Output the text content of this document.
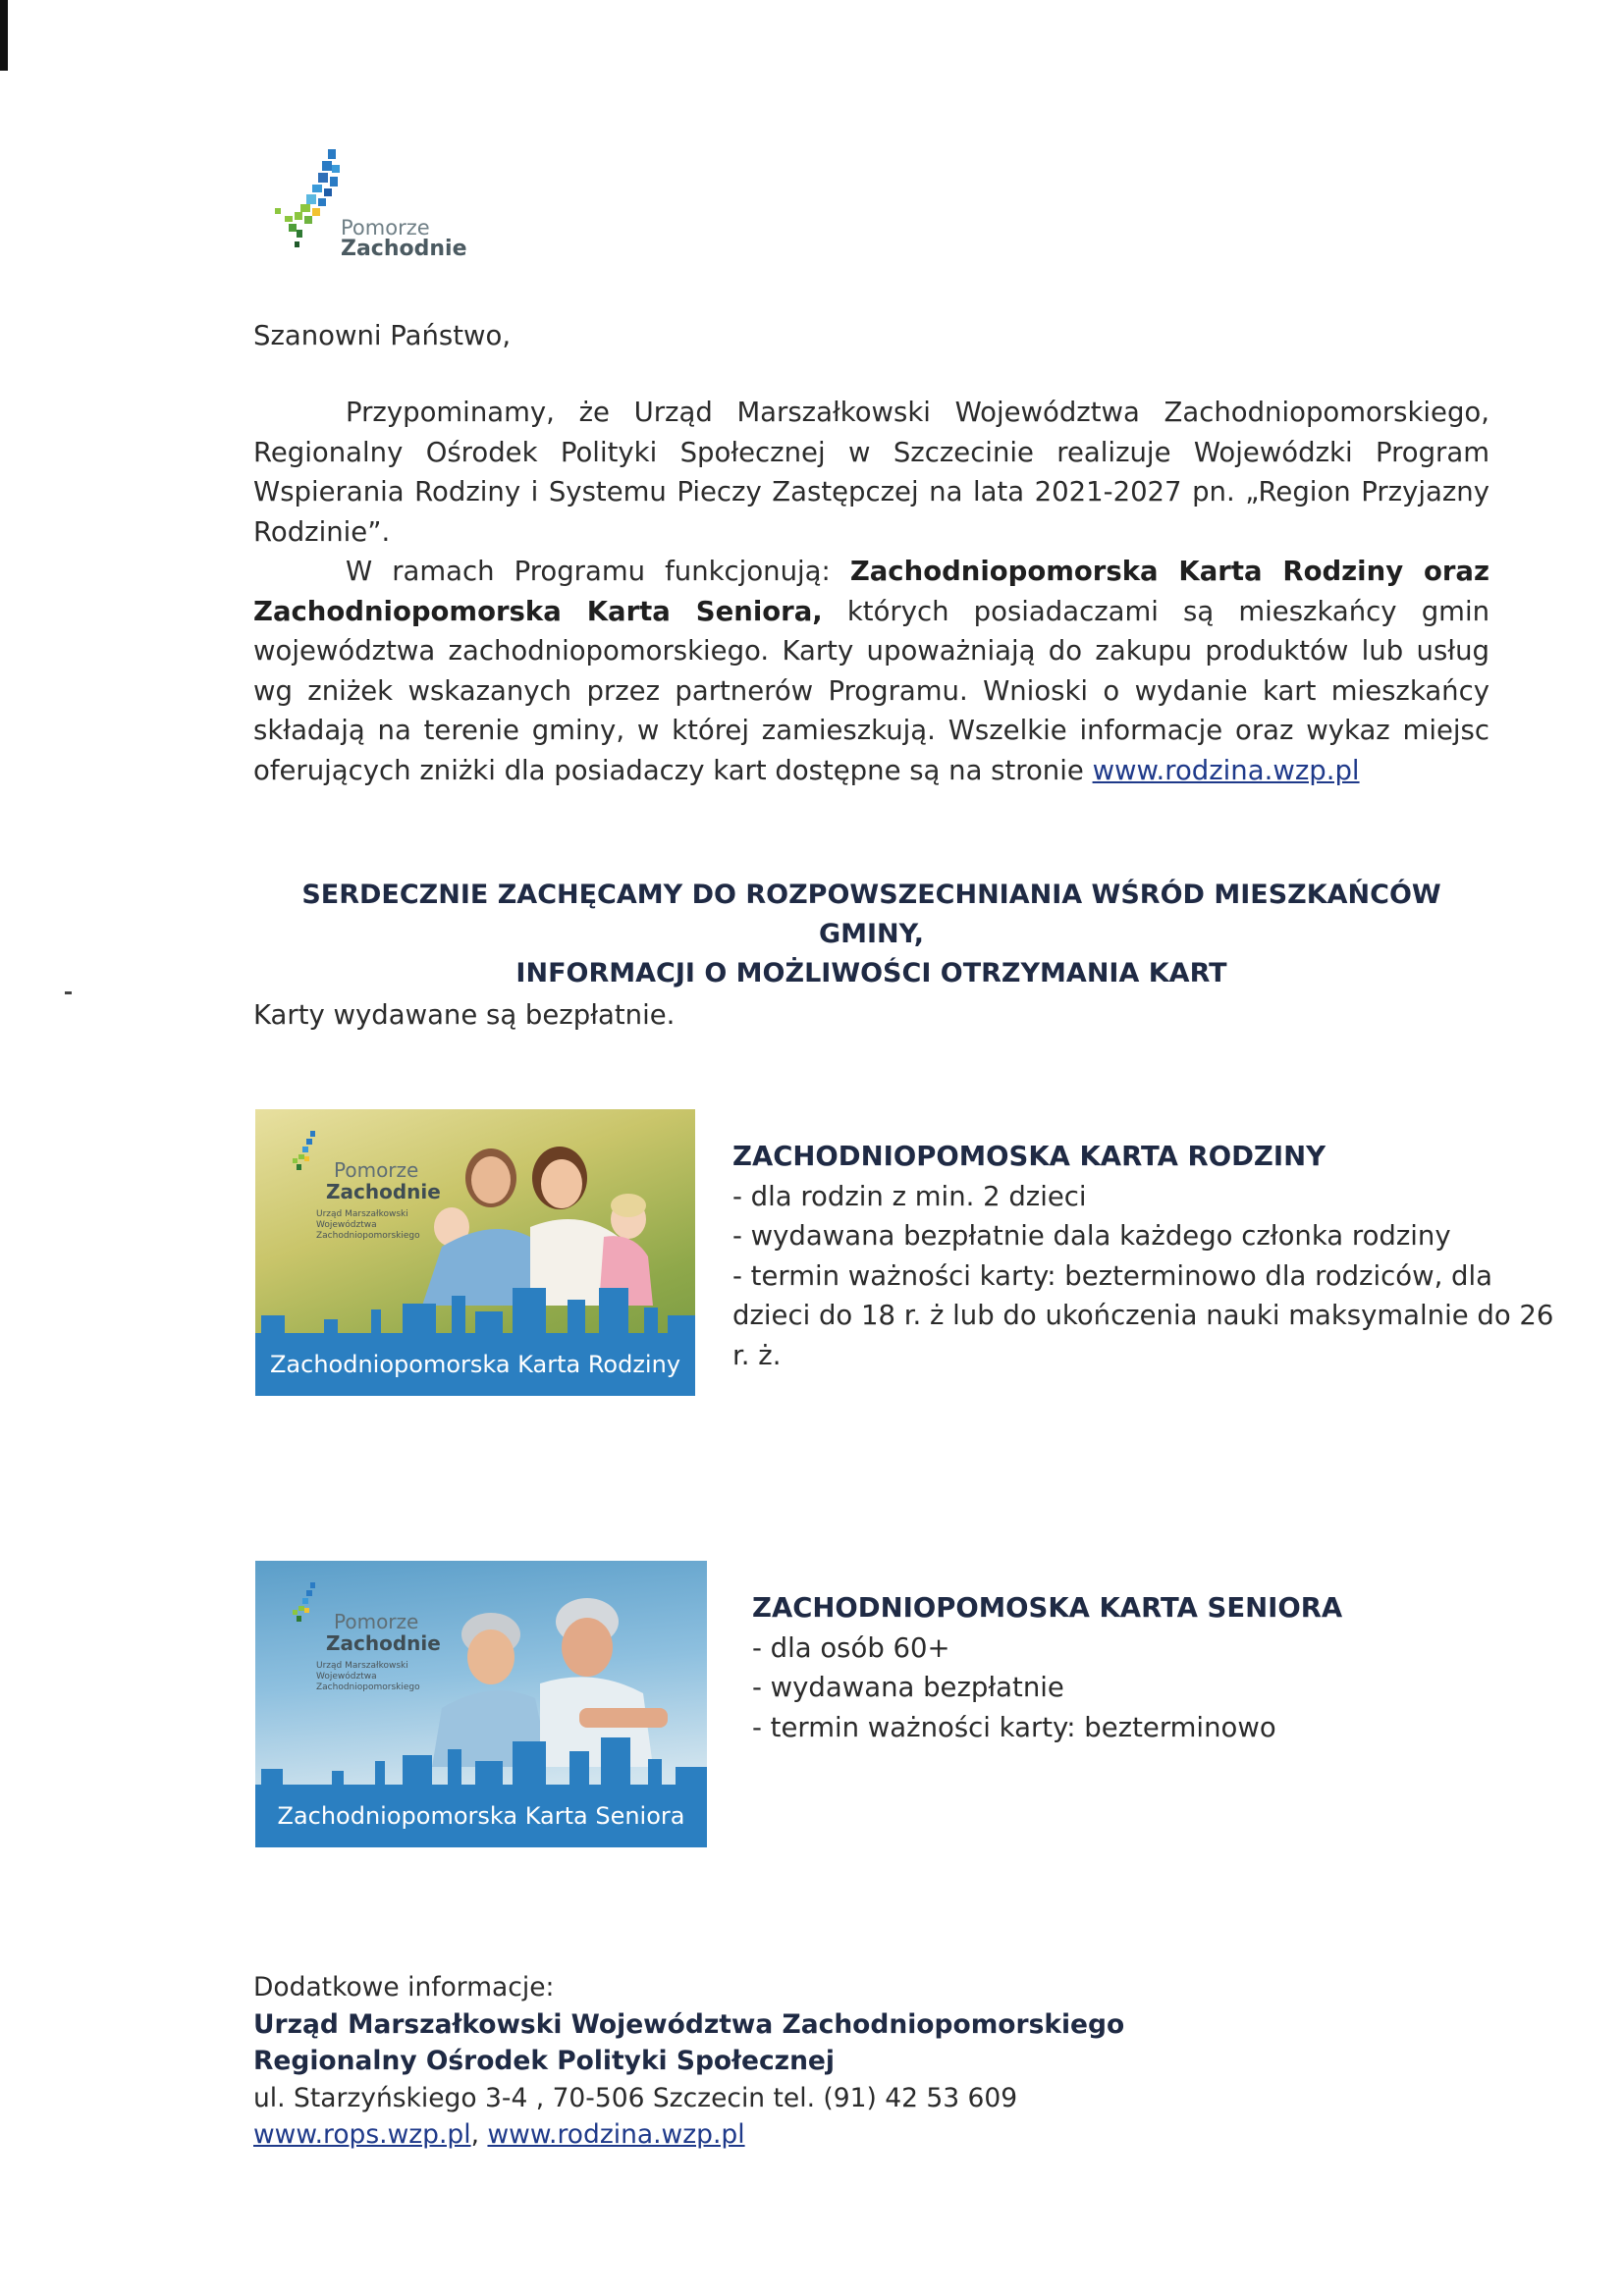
Pomorze
Zachodnie
Szanowni Państwo,

Przypominamy, że Urząd Marszałkowski Województwa Zachodniopomorskiego, Regionalny Ośrodek Polityki Społecznej w Szczecinie realizuje Wojewódzki Program Wspierania Rodziny i Systemu Pieczy Zastępczej na lata 2021-2027 pn. „Region Przyjazny Rodzinie”.

W ramach Programu funkcjonują: Zachodniopomorska Karta Rodziny oraz Zachodniopomorska Karta Seniora, których posiadaczami są mieszkańcy gmin województwa zachodniopomorskiego. Karty upoważniają do zakupu produktów lub usług wg zniżek wskazanych przez partnerów Programu. Wnioski o wydanie kart mieszkańcy składają na terenie gminy, w której zamieszkują. Wszelkie informacje oraz wykaz miejsc oferujących zniżki dla posiadaczy kart dostępne są na stronie www.rodzina.wzp.pl

SERDECZNIE ZACHĘCAMY DO ROZPOWSZECHNIANIA WŚRÓD MIESZKAŃCÓW GMINY,
INFORMACJI O MOŻLIWOŚCI OTRZYMANIA KART
Karty wydawane są bezpłatnie.
Pomorze
Zachodnie
Urząd Marszałkowski Województwa Zachodniopomorskiego
Zachodniopomorska Karta Rodziny
ZACHODNIOPOMOSKA KARTA RODZINY
- dla rodzin z min. 2 dzieci
- wydawana bezpłatnie dala każdego członka rodziny
- termin ważności karty: bezterminowo dla rodziców, dla dzieci do 18 r. ż lub do ukończenia nauki maksymalnie do 26 r. ż.
Pomorze
Zachodnie
Urząd Marszałkowski Województwa Zachodniopomorskiego
Zachodniopomorska Karta Seniora
ZACHODNIOPOMOSKA KARTA SENIORA
- dla osób 60+
- wydawana bezpłatnie
- termin ważności karty: bezterminowo
Dodatkowe informacje:
Urząd Marszałkowski Województwa Zachodniopomorskiego
Regionalny Ośrodek Polityki Społecznej
ul. Starzyńskiego 3-4 , 70-506 Szczecin tel. (91) 42 53 609
www.rops.wzp.pl, www.rodzina.wzp.pl
